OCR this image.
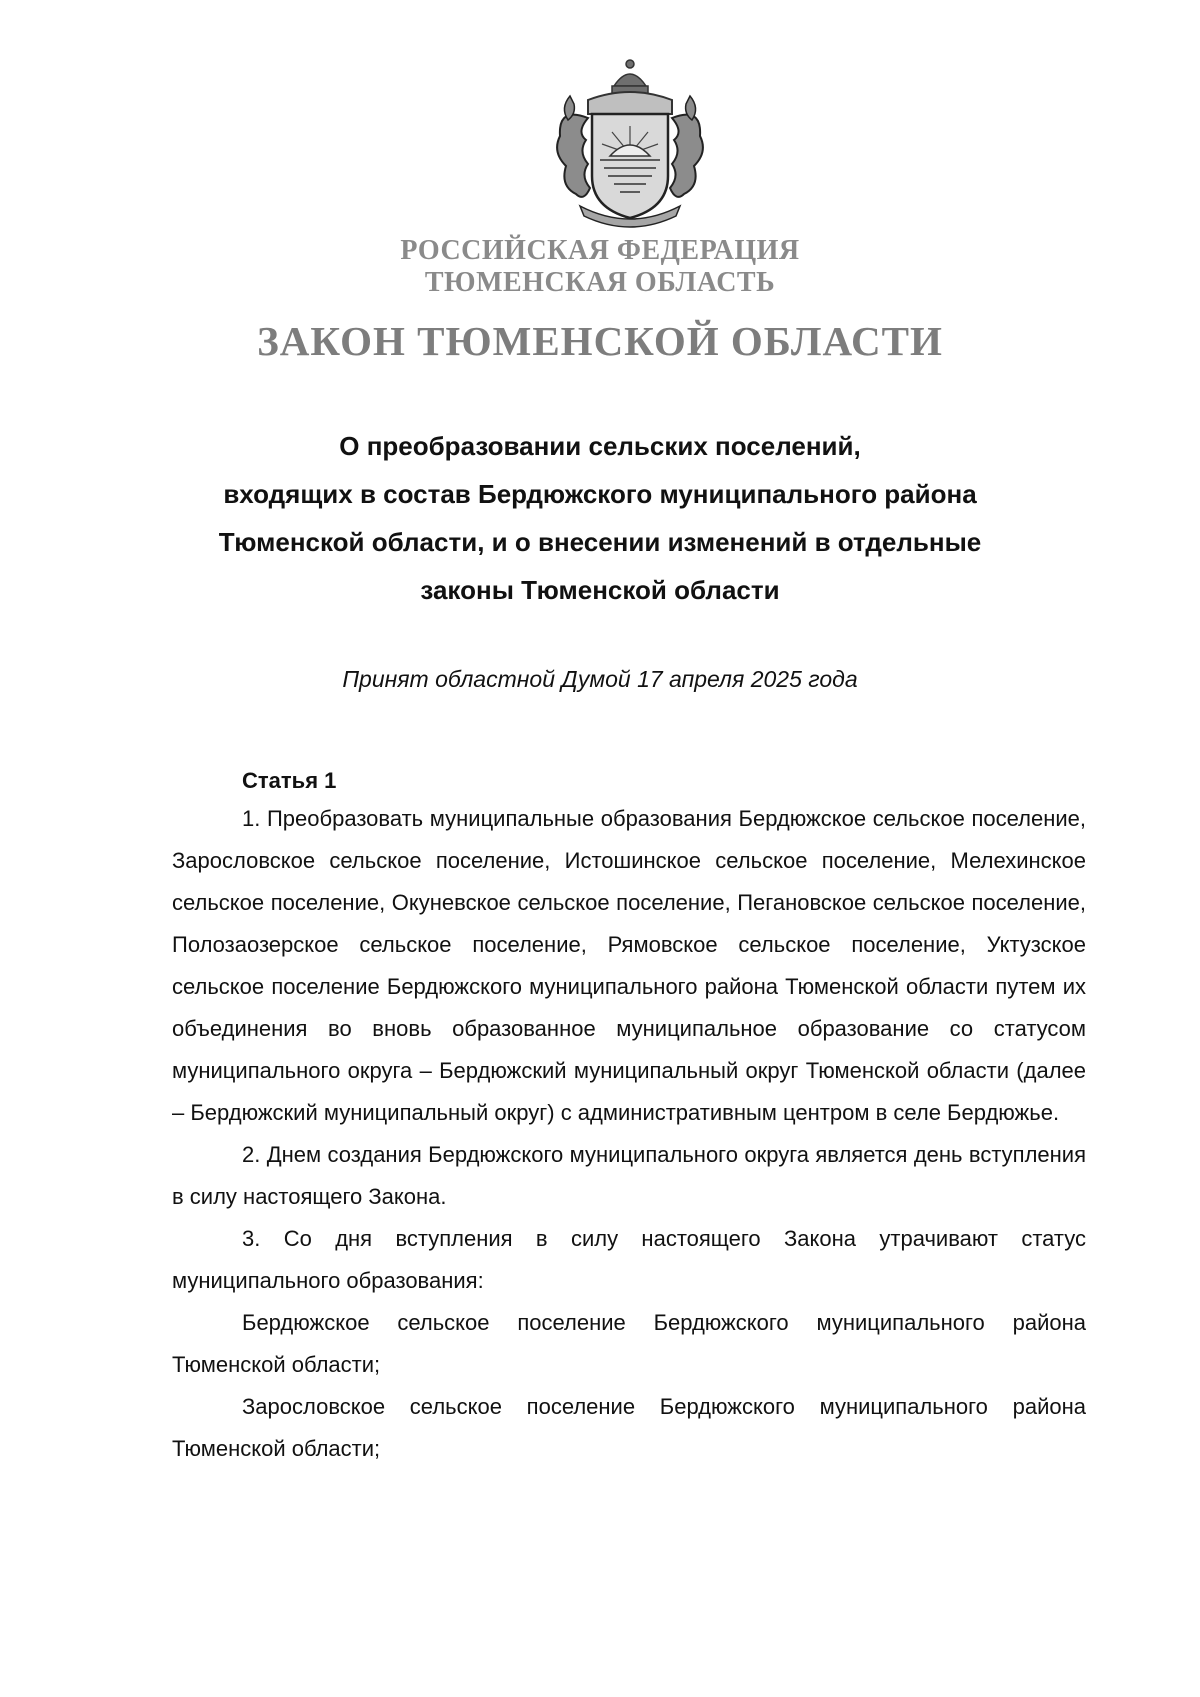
РОССИЙСКАЯ ФЕДЕРАЦИЯ
ТЮМЕНСКАЯ ОБЛАСТЬ
ЗАКОН ТЮМЕНСКОЙ ОБЛАСТИ
О преобразовании сельских поселений,
входящих в состав Бердюжского муниципального района
Тюменской области, и о внесении изменений в отдельные
законы Тюменской области
Принят областной Думой 17 апреля 2025 года
Статья 1

1. Преобразовать муниципальные образования Бердюжское сельское поселение, Зарословское сельское поселение, Истошинское сельское поселение, Мелехинское сельское поселение, Окуневское сельское поселение, Пегановское сельское поселение, Полозаозерское сельское поселение, Рямовское сельское поселение, Уктузское сельское поселение Бердюжского муниципального района Тюменской области путем их объединения во вновь образованное муниципальное образование со статусом муниципального округа – Бердюжский муниципальный округ Тюменской области (далее – Бердюжский муниципальный округ) с административным центром в селе Бердюжье.

2. Днем создания Бердюжского муниципального округа является день вступления в силу настоящего Закона.

3. Со дня вступления в силу настоящего Закона утрачивают статус муниципального образования:

Бердюжское сельское поселение Бердюжского муниципального района Тюменской области;

Зарословское сельское поселение Бердюжского муниципального района Тюменской области;
